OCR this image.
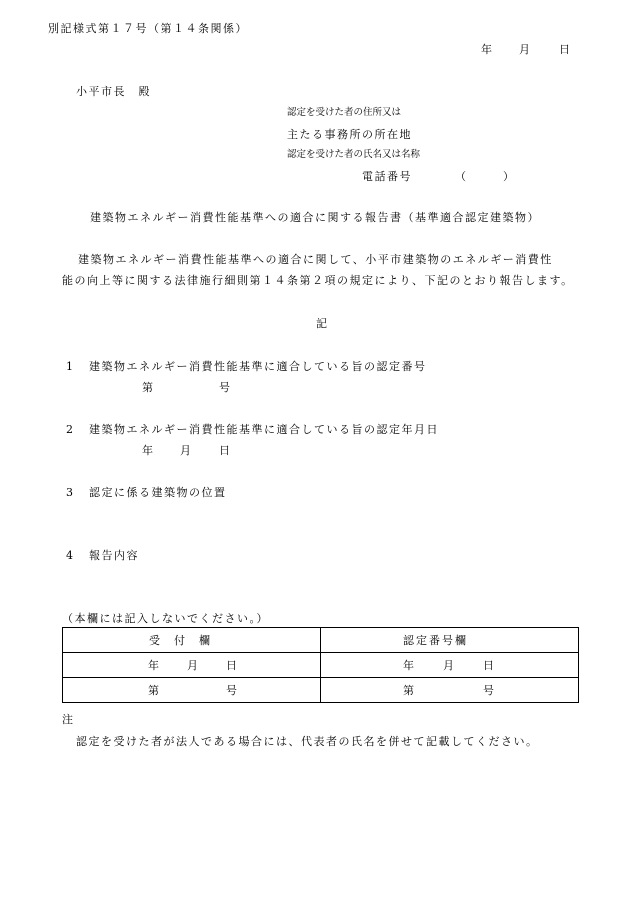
別記様式第１７号（第１４条関係）
年 月	日
小平市長　殿
認定を受けた者の住所又は
主たる事務所の所在地
認定を受けた者の氏名又は名称
電話番号	（	）
建築物エネルギー消費性能基準への適合に関する報告書（基準適合認定建築物）
建築物エネルギー消費性能基準への適合に関して、小平市建築物のエネルギー消費性
能の向上等に関する法律施行細則第１４条第２項の規定により、下記のとおり報告します。
記
1 建築物エネルギー消費性能基準に適合している旨の認定番号
第	号
2 建築物エネルギー消費性能基準に適合している旨の認定年月日
年 月	日
3 認定に係る建築物の位置
4 報告内容
（本欄には記入しないでください。）
受　付　欄	認定番号欄

年 月 日	年 月 日

第 号	第 号
注
認定を受けた者が法人である場合には、代表者の氏名を併せて記載してください。
